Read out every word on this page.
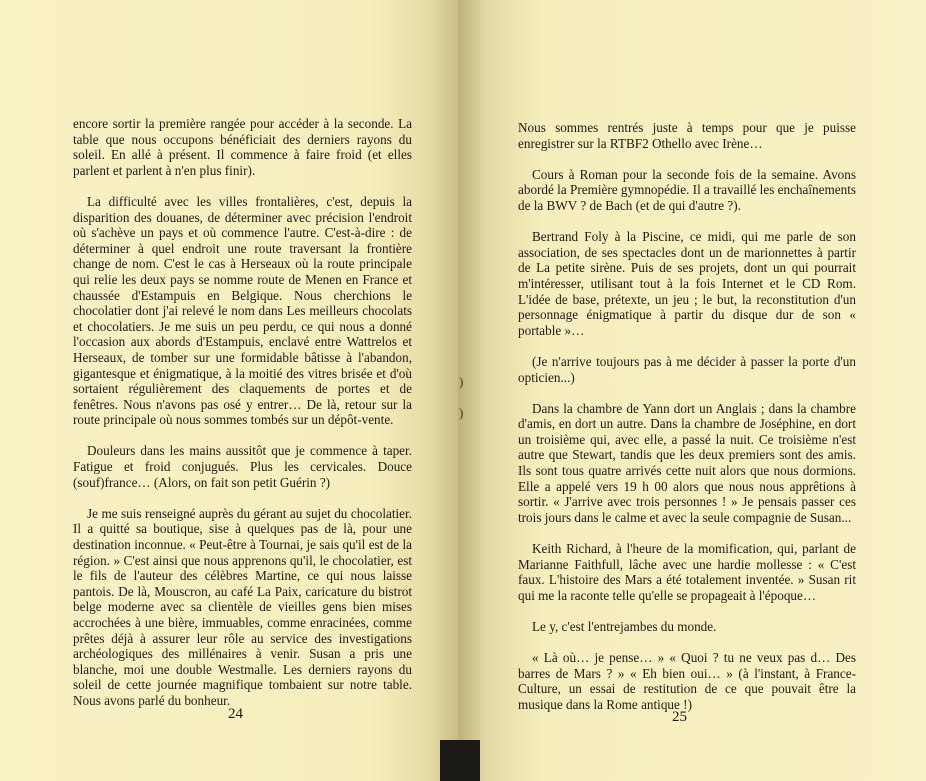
encore sortir la première rangée pour accéder à la seconde. La table que nous occupons bénéficiait des derniers rayons du soleil. En allé à présent. Il commence à faire froid (et elles parlent et parlent à n'en plus finir).

La difficulté avec les villes frontalières, c'est, depuis la disparition des douanes, de déterminer avec précision l'endroit où s'achève un pays et où commence l'autre. C'est-à-dire : de déterminer à quel endroit une route traversant la frontière change de nom. C'est le cas à Herseaux où la route principale qui relie les deux pays se nomme route de Menen en France et chaussée d'Estampuis en Belgique. Nous cherchions le chocolatier dont j'ai relevé le nom dans Les meilleurs chocolats et chocolatiers. Je me suis un peu perdu, ce qui nous a donné l'occasion aux abords d'Estampuis, enclavé entre Wattrelos et Herseaux, de tomber sur une formidable bâtisse à l'abandon, gigantesque et énigmatique, à la moitié des vitres brisée et d'où sortaient régulièrement des claquements de portes et de fenêtres. Nous n'avons pas osé y entrer… De là, retour sur la route principale où nous sommes tombés sur un dépôt-vente.

Douleurs dans les mains aussitôt que je commence à taper. Fatigue et froid conjugués. Plus les cervicales. Douce (souf)france… (Alors, on fait son petit Guérin ?)

Je me suis renseigné auprès du gérant au sujet du chocolatier. Il a quitté sa boutique, sise à quelques pas de là, pour une destination inconnue. « Peut-être à Tournai, je sais qu'il est de la région. » C'est ainsi que nous apprenons qu'il, le chocolatier, est le fils de l'auteur des célèbres Martine, ce qui nous laisse pantois. De là, Mouscron, au café La Paix, caricature du bistrot belge moderne avec sa clientèle de vieilles gens bien mises accrochées à une bière, immuables, comme enracinées, comme prêtes déjà à assurer leur rôle au service des investigations archéologiques des millénaires à venir. Susan a pris une blanche, moi une double Westmalle. Les derniers rayons du soleil de cette journée magnifique tombaient sur notre table. Nous avons parlé du bonheur.

24

Nous sommes rentrés juste à temps pour que je puisse enregistrer sur la RTBF2 Othello avec Irène…

Cours à Roman pour la seconde fois de la semaine. Avons abordé la Première gymnopédie. Il a travaillé les enchaînements de la BWV ? de Bach (et de qui d'autre ?).

Bertrand Foly à la Piscine, ce midi, qui me parle de son association, de ses spectacles dont un de marionnettes à partir de La petite sirène. Puis de ses projets, dont un qui pourrait m'intéresser, utilisant tout à la fois Internet et le CD Rom. L'idée de base, prétexte, un jeu ; le but, la reconstitution d'un personnage énigmatique à partir du disque dur de son « portable »…

(Je n'arrive toujours pas à me décider à passer la porte d'un opticien...)

Dans la chambre de Yann dort un Anglais ; dans la chambre d'amis, en dort un autre. Dans la chambre de Joséphine, en dort un troisième qui, avec elle, a passé la nuit. Ce troisième n'est autre que Stewart, tandis que les deux premiers sont des amis. Ils sont tous quatre arrivés cette nuit alors que nous dormions. Elle a appelé vers 19 h 00 alors que nous nous apprêtions à sortir. « J'arrive avec trois personnes ! » Je pensais passer ces trois jours dans le calme et avec la seule compagnie de Susan...

Keith Richard, à l'heure de la momification, qui, parlant de Marianne Faithfull, lâche avec une hardie mollesse : « C'est faux. L'histoire des Mars a été totalement inventée. » Susan rit qui me la raconte telle qu'elle se propageait à l'époque…

Le y, c'est l'entrejambes du monde.

« Là où… je pense… » « Quoi ? tu ne veux pas d… Des barres de Mars ? » « Eh bien oui… » (à l'instant, à France-Culture, un essai de restitution de ce que pouvait être la musique dans la Rome antique !)

25
)
)
